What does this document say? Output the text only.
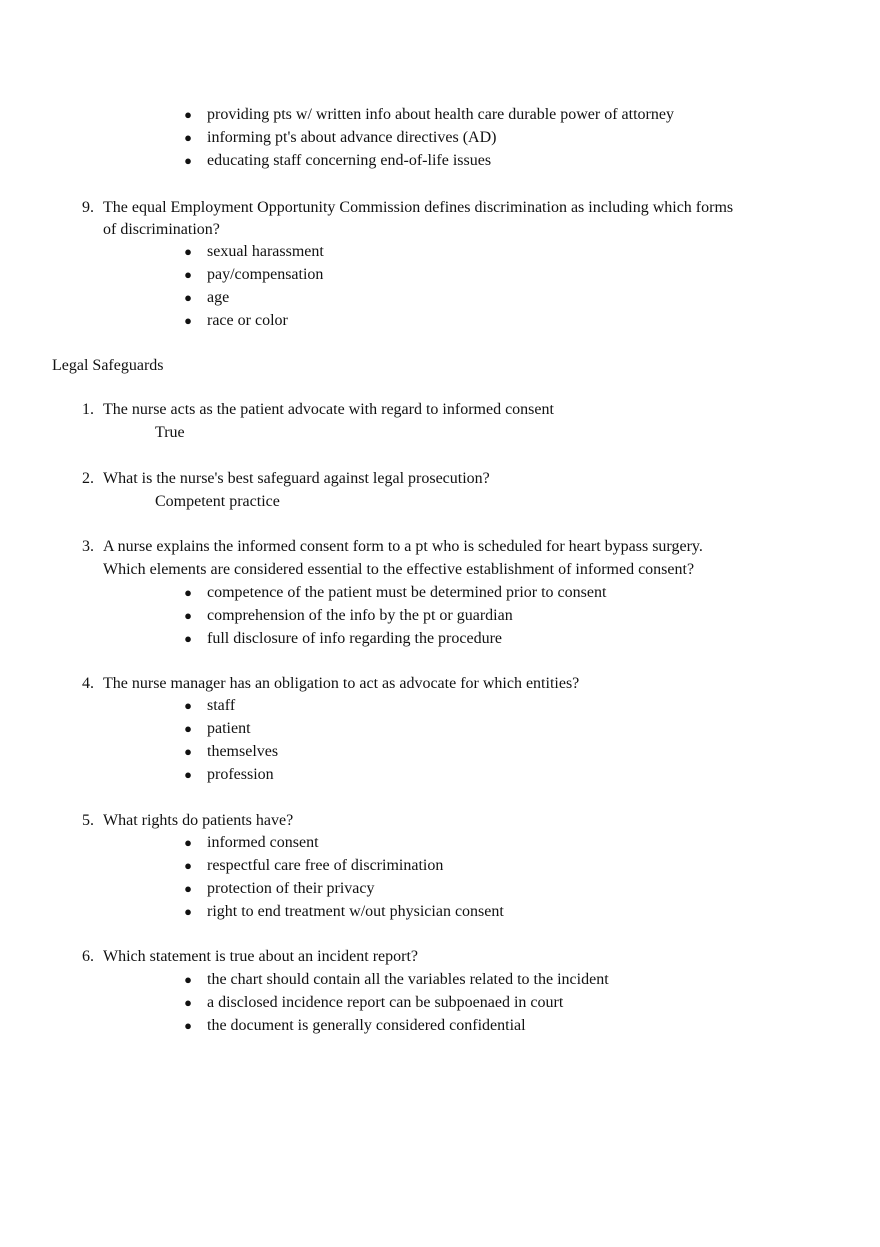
● providing pts w/ written info about health care durable power of attorney
● informing pt's about advance directives (AD)
● educating staff concerning end-of-life issues
9. The equal Employment Opportunity Commission defines discrimination as including which forms
of discrimination?
● sexual harassment
● pay/compensation
● age
● race or color
Legal Safeguards
1. The nurse acts as the patient advocate with regard to informed consent
True
2. What is the nurse's best safeguard against legal prosecution?
Competent practice
3. A nurse explains the informed consent form to a pt who is scheduled for heart bypass surgery.
Which elements are considered essential to the effective establishment of informed consent?
● competence of the patient must be determined prior to consent
● comprehension of the info by the pt or guardian
● full disclosure of info regarding the procedure
4. The nurse manager has an obligation to act as advocate for which entities?
● staff
● patient
● themselves
● profession
5. What rights do patients have?
● informed consent
● respectful care free of discrimination
● protection of their privacy
● right to end treatment w/out physician consent
6. Which statement is true about an incident report?
● the chart should contain all the variables related to the incident
● a disclosed incidence report can be subpoenaed in court
● the document is generally considered confidential
